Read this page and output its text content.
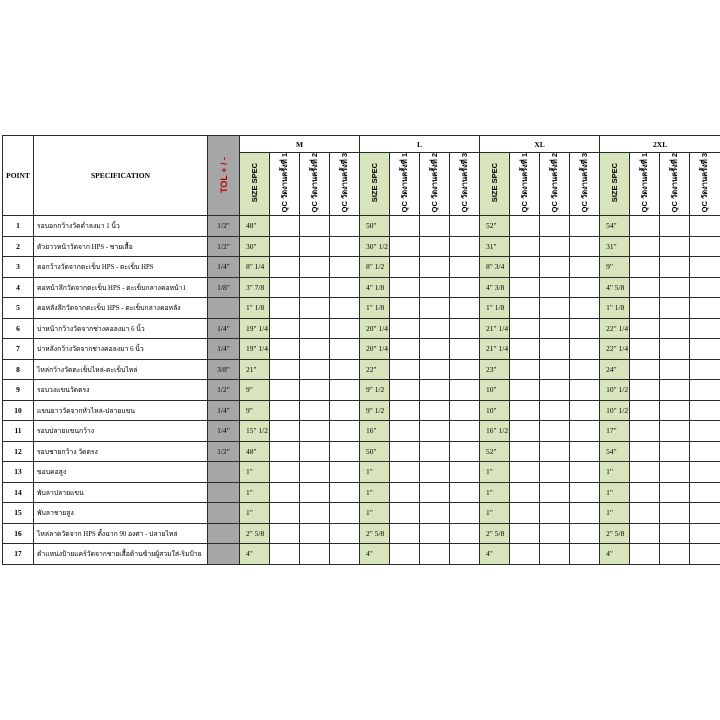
POINT	SPECIFICATION	TOL + / -	M				L				XL				2XL			
			SIZE SPEC	QC วัดงานครั้งที่ 1	QC วัดงานครั้งที่ 2	QC วัดงานครั้งที่ 3	SIZE SPEC	QC วัดงานครั้งที่ 1	QC วัดงานครั้งที่ 2	QC วัดงานครั้งที่ 3	SIZE SPEC	QC วัดงานครั้งที่ 1	QC วัดงานครั้งที่ 2	QC วัดงานครั้งที่ 3	SIZE SPEC	QC วัดงานครั้งที่ 1	QC วัดงานครั้งที่ 2	QC วัดงานครั้งที่ 3
1	รอบอกกว้างวัดต่ำลงมา 1 นิ้ว	1/2"	48"				50"				52"				54"			
2	ตัวยาวหน้าวัดจาก HPS - ชายเสื้อ	1/2"	30"				30" 1/2				31"				31"			
3	คอกว้างวัดจากตะเข็บ HPS - ตะเข็บ HPS	1/4"	8" 1/4				8" 1/2				8" 3/4				9"			
4	คอหน้าลึกวัดจากตะเข็บ HPS - ตะเข็บกลางคอหน้า1	1/8"	3" 7/8				4" 1/8				4" 3/8				4" 5/8			
5	คอหลังลึกวัดจากตะเข็บ HPS - ตะเข็บกลางคอหลัง		1" 1/8				1" 1/8				1" 1/8				1" 1/8			
6	บ่าหน้ากว้างวัดจากช่างคอลงมา 6 นิ้ว	1/4"	19" 1/4				20" 1/4				21" 1/4				22" 1/4			
7	บ่าหลังกว้างวัดจากช่างคอลงมา 6 นิ้ว	1/4"	19" 1/4				20" 1/4				21" 1/4				22" 1/4			
8	ไหล่กว้างวัดตะเข็บไหล่-ตะเข็บไหล่	3/8"	21"				22"				23"				24"			
9	รอบวงแขนวัดตรง	1/2"	9"				9" 1/2				10"				10" 1/2			
10	แขนยาววัดจากหัวไหล่-ปลายแขน	1/4"	9"				9" 1/2				10"				10" 1/2			
11	รอบปลายแขนกว้าง	1/4"	15" 1/2				16"				16" 1/2				17"			
12	รอบชายกว้าง วัดตรง	1/2"	48"				50"				52"				54"			
13	ขอบคอสูง		1"				1"				1"				1"			
14	พับลาปลายแขน		1"				1"				1"				1"			
15	พับลาชายสูง		1"				1"				1"				1"			
16	ไหล่ลาดวัดจาก HPS ตั้งฉาก 90 องศา - ปลายไหล่		2" 5/8				2" 5/8				2" 5/8				2" 5/8			
17	ตำแหน่งป้ายแคร์วัดจากชายเสื้อด้านซ้ายผู้สวมใส่-ริมป้าย		4"				4"				4"				4"			
